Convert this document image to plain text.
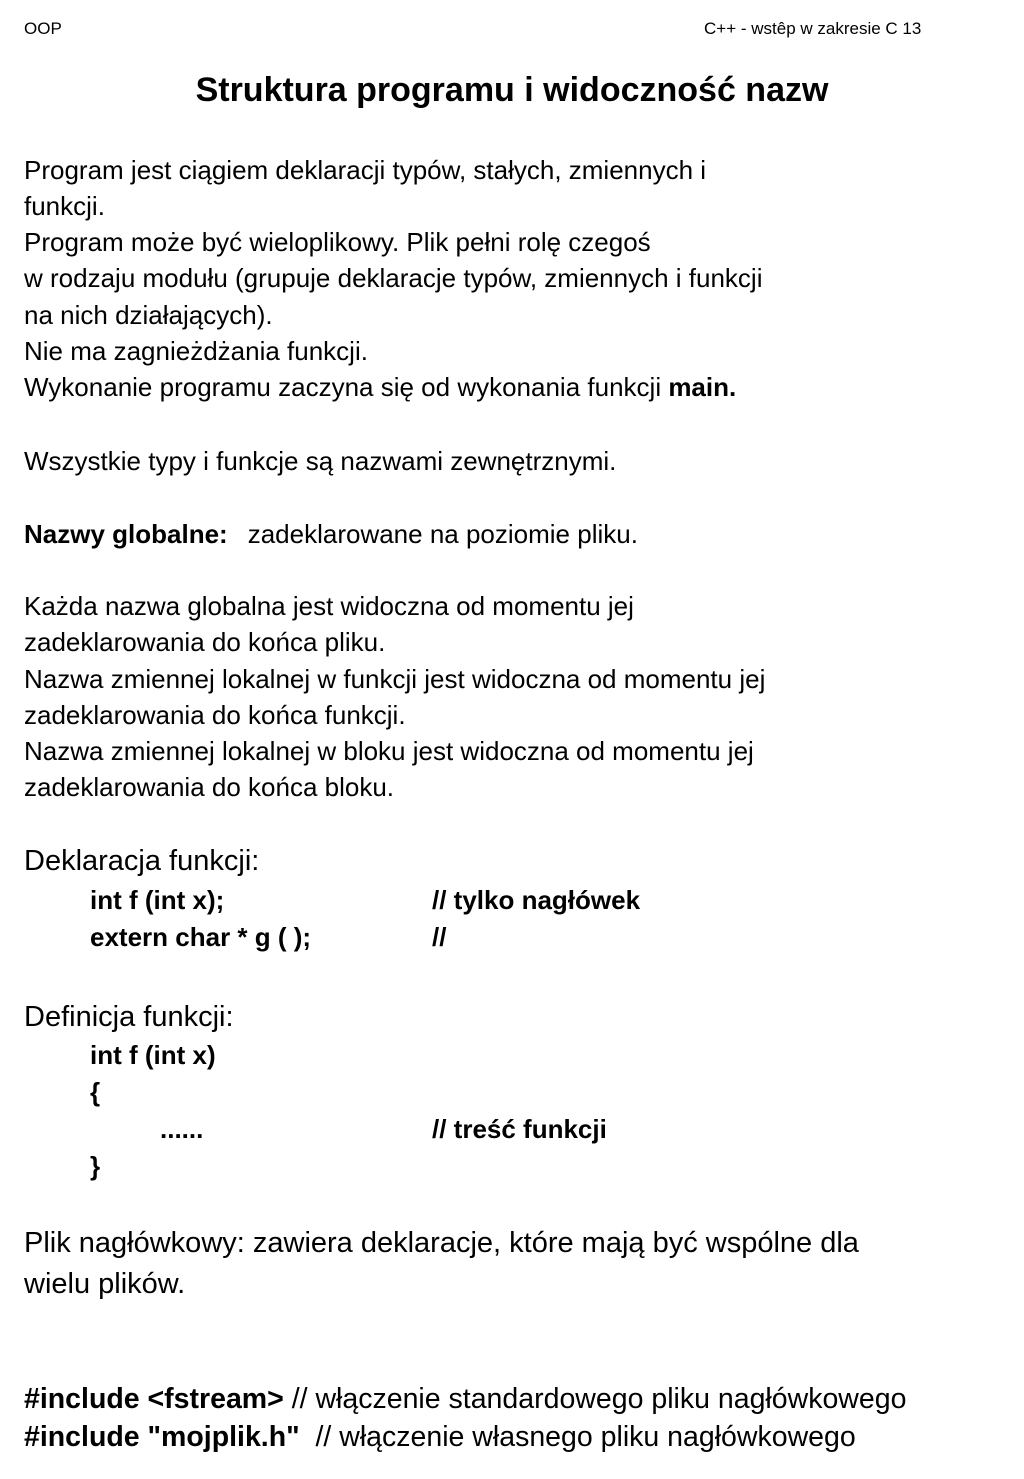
OOP	C++ - wstêp w zakresie C 13
Struktura programu i widoczność nazw
Program jest ciągiem deklaracji typów, stałych, zmiennych i
funkcji.
Program może być wieloplikowy. Plik pełni rolę czegoś
w rodzaju modułu (grupuje deklaracje typów, zmiennych i funkcji
na nich działających).
Nie ma zagnieżdżania funkcji.
Wykonanie programu zaczyna się od wykonania funkcji main.
Wszystkie typy i funkcje są nazwami zewnętrznymi.
Nazwy globalne: zadeklarowane na poziomie pliku.
Każda nazwa globalna jest widoczna od momentu jej
zadeklarowania do końca pliku.
Nazwa zmiennej lokalnej w funkcji jest widoczna od momentu jej
zadeklarowania do końca funkcji.
Nazwa zmiennej lokalnej w bloku jest widoczna od momentu jej
zadeklarowania do końca bloku.
Deklaracja funkcji:
int f (int x);	// tylko nagłówek
extern char * g ( );	//
Definicja funkcji:
int f (int x)
{
......	// treść funkcji
}
Plik nagłówkowy: zawiera deklaracje, które mają być wspólne dla
wielu plików.
#include <fstream> // włączenie standardowego pliku nagłówkowego
#include "mojplik.h"  // włączenie własnego pliku nagłówkowego
